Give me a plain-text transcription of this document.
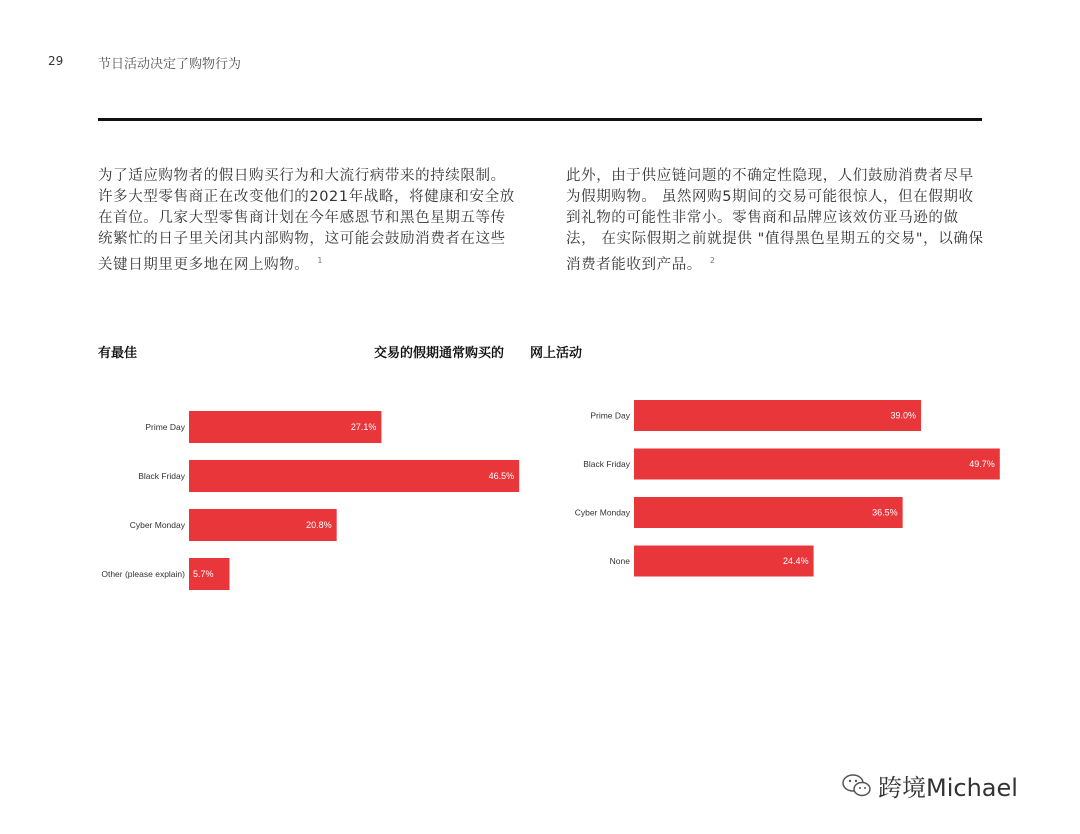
29	节日活动决定了购物行为
为了适应购物者的假日购买行为和大流行病带来的持续限制。 许多大型零售商正在改变他们的2021年战略，将健康和安全放在首位。几家大型零售商计划在今年感恩节和黑色星期五等传统繁忙的日子里关闭其内部购物，这可能会鼓励消费者在这些关键日期里更多地在网上购物。 $^1$
此外，由于供应链问题的不确定性隐现，人们鼓励消费者尽早为假期购物。 虽然网购5期间的交易可能很惊人，但在假期收到礼物的可能性非常小。零售商和品牌应该效仿亚马逊的做法， 在实际假期之前就提供 "值得黑色星期五的交易"，以确保消费者能收到产品。 $^2$
有最佳	交易的假期通常购买的 网上活动
Prime Day	27.1%
Black Friday	46.5%
Cyber Monday	20.8%
Other (please explain) 5.7%
Prime Day	39.0%
Black Friday	49.7%
Cyber Monday	36.5%
None	24.4%
跨境Michael
